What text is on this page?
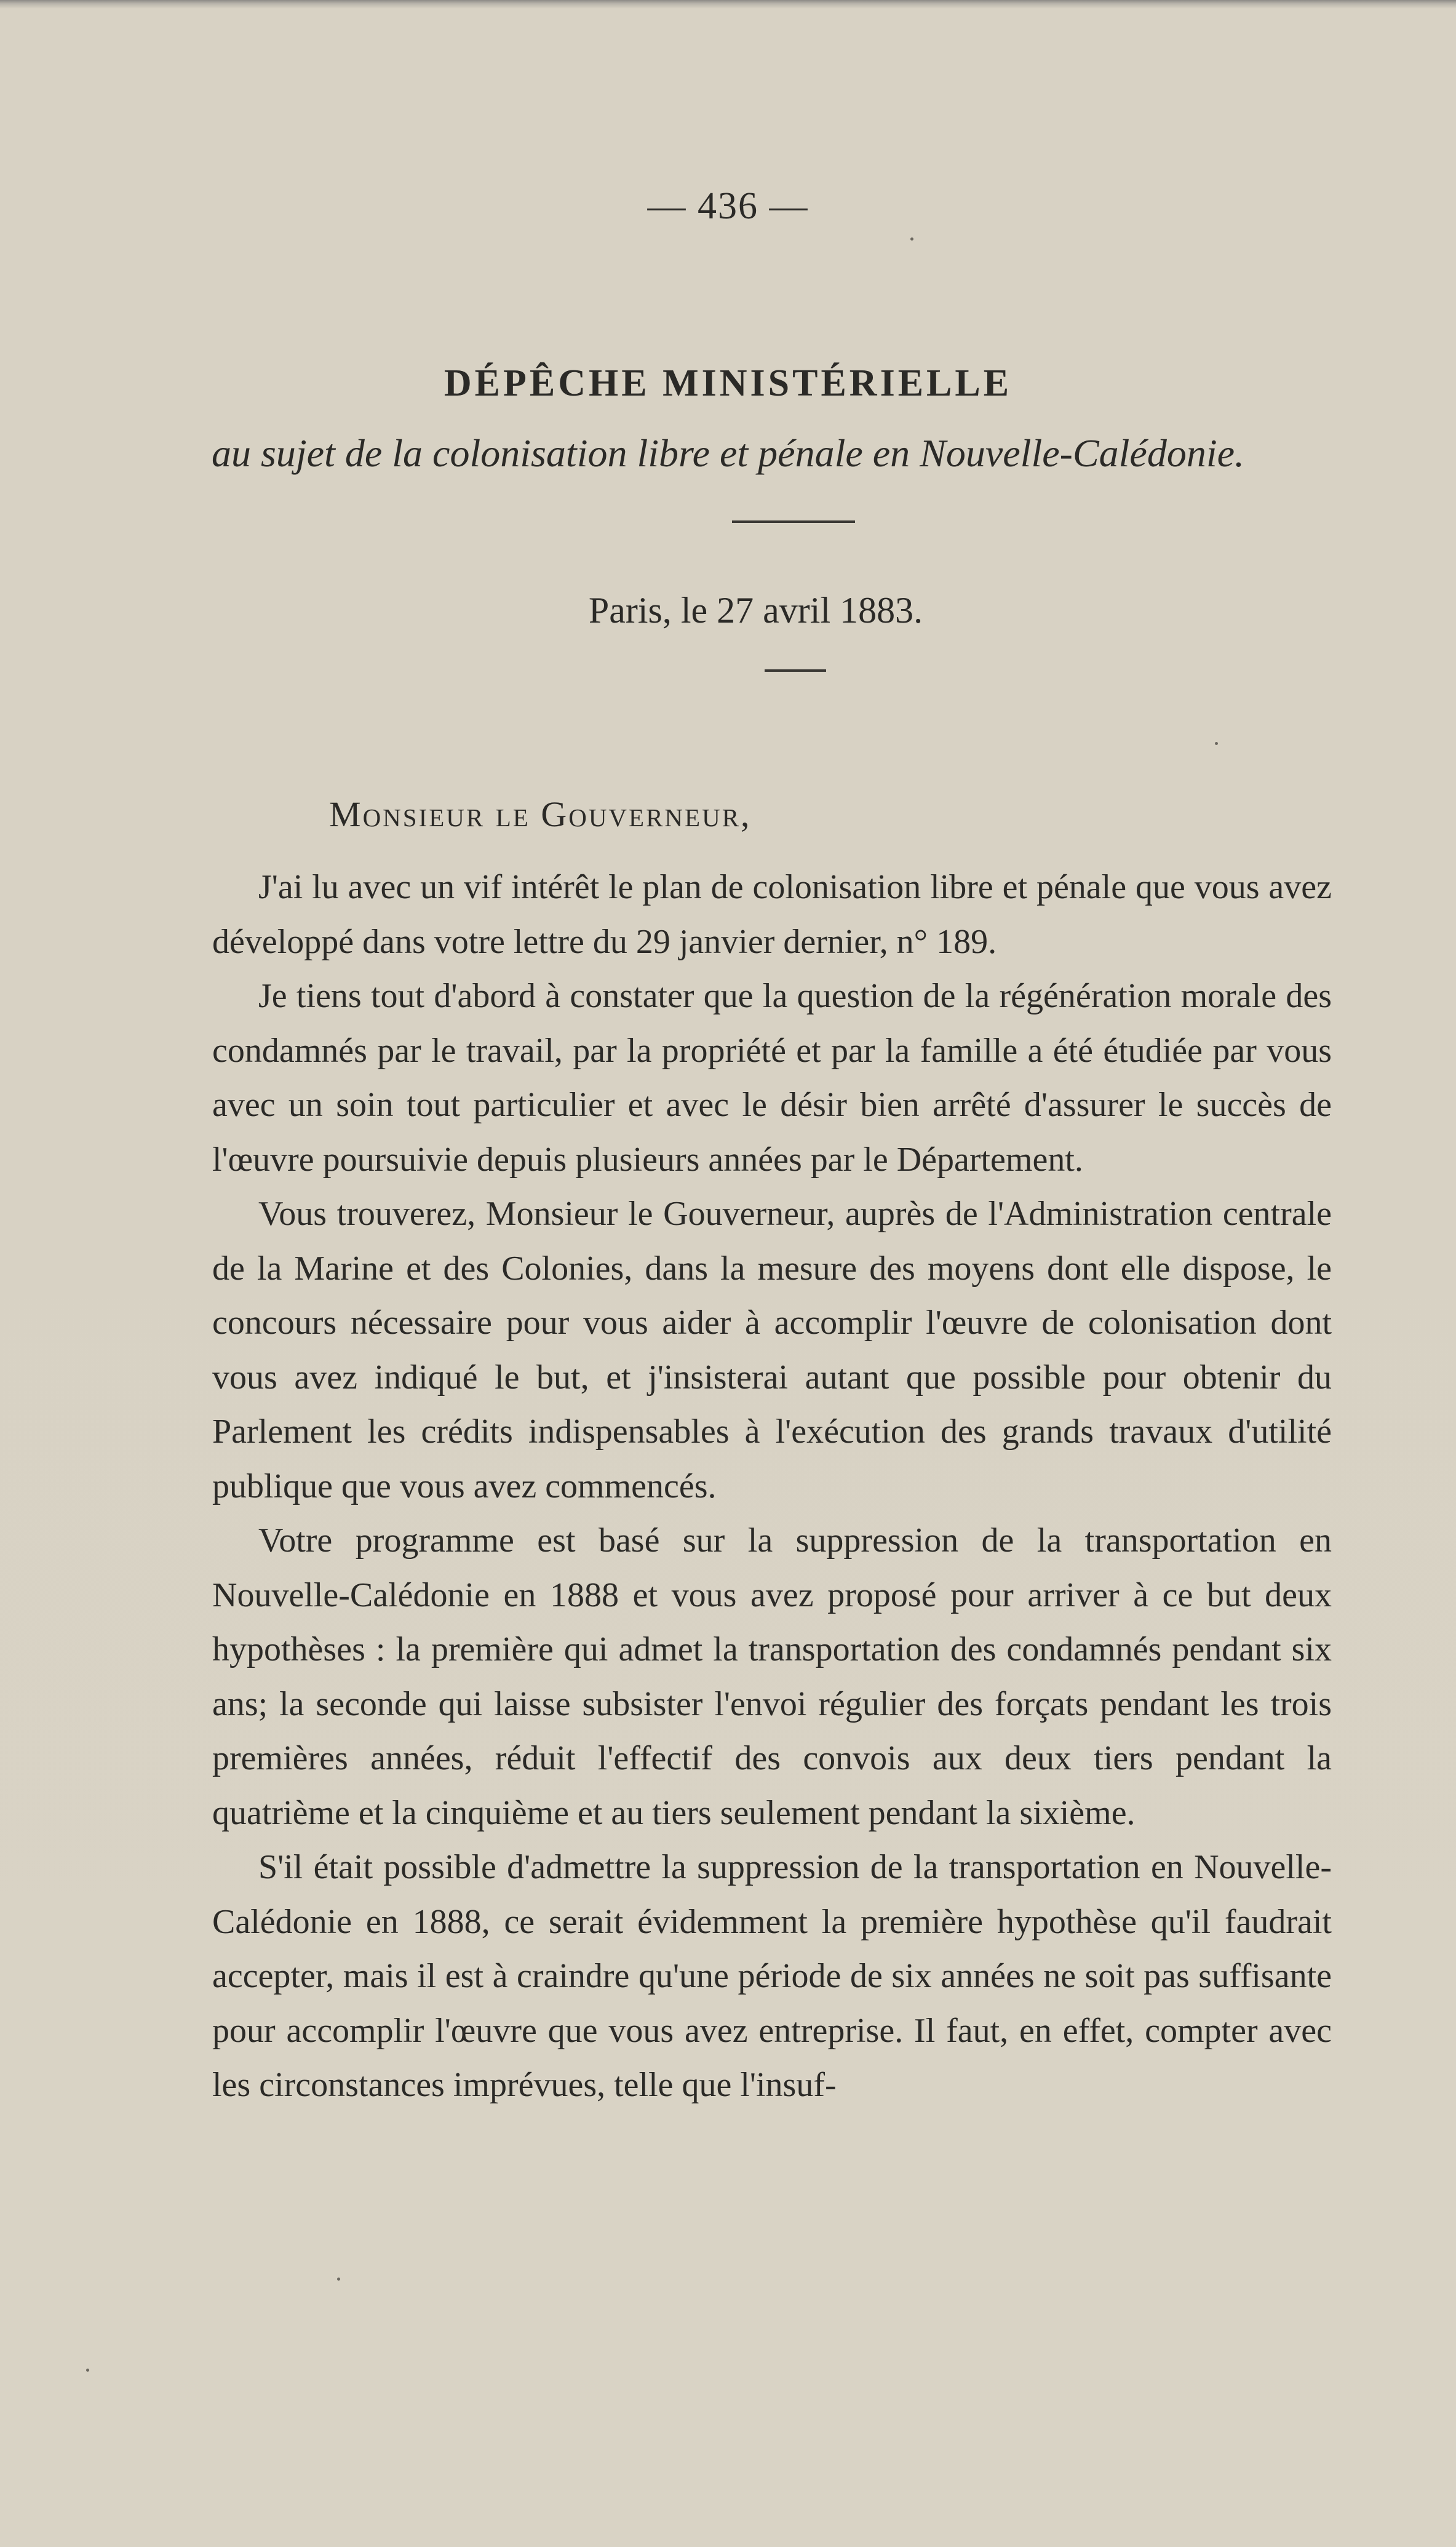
— 436 —
DÉPÊCHE MINISTÉRIELLE
au sujet de la colonisation libre et pénale en Nouvelle-Calédonie.
Paris, le 27 avril 1883.
Monsieur le Gouverneur,

J'ai lu avec un vif intérêt le plan de colonisation libre et pénale que vous avez développé dans votre lettre du 29 janvier dernier, n° 189.

Je tiens tout d'abord à constater que la question de la régénération morale des condamnés par le travail, par la propriété et par la famille a été étudiée par vous avec un soin tout particulier et avec le désir bien arrêté d'assurer le succès de l'œuvre poursuivie depuis plusieurs années par le Département.

Vous trouverez, Monsieur le Gouverneur, auprès de l'Administration centrale de la Marine et des Colonies, dans la mesure des moyens dont elle dispose, le concours nécessaire pour vous aider à accomplir l'œuvre de colonisation dont vous avez indiqué le but, et j'insisterai autant que possible pour obtenir du Parlement les crédits indispensables à l'exécution des grands travaux d'utilité publique que vous avez commencés.

Votre programme est basé sur la suppression de la transportation en Nouvelle-Calédonie en 1888 et vous avez proposé pour arriver à ce but deux hypothèses : la première qui admet la transportation des condamnés pendant six ans; la seconde qui laisse subsister l'envoi régulier des forçats pendant les trois premières années, réduit l'effectif des convois aux deux tiers pendant la quatrième et la cinquième et au tiers seulement pendant la sixième.

S'il était possible d'admettre la suppression de la transportation en Nouvelle-Calédonie en 1888, ce serait évidemment la première hypothèse qu'il faudrait accepter, mais il est à craindre qu'une période de six années ne soit pas suffisante pour accomplir l'œuvre que vous avez entreprise. Il faut, en effet, compter avec les circonstances imprévues, telle que l'insuf-
